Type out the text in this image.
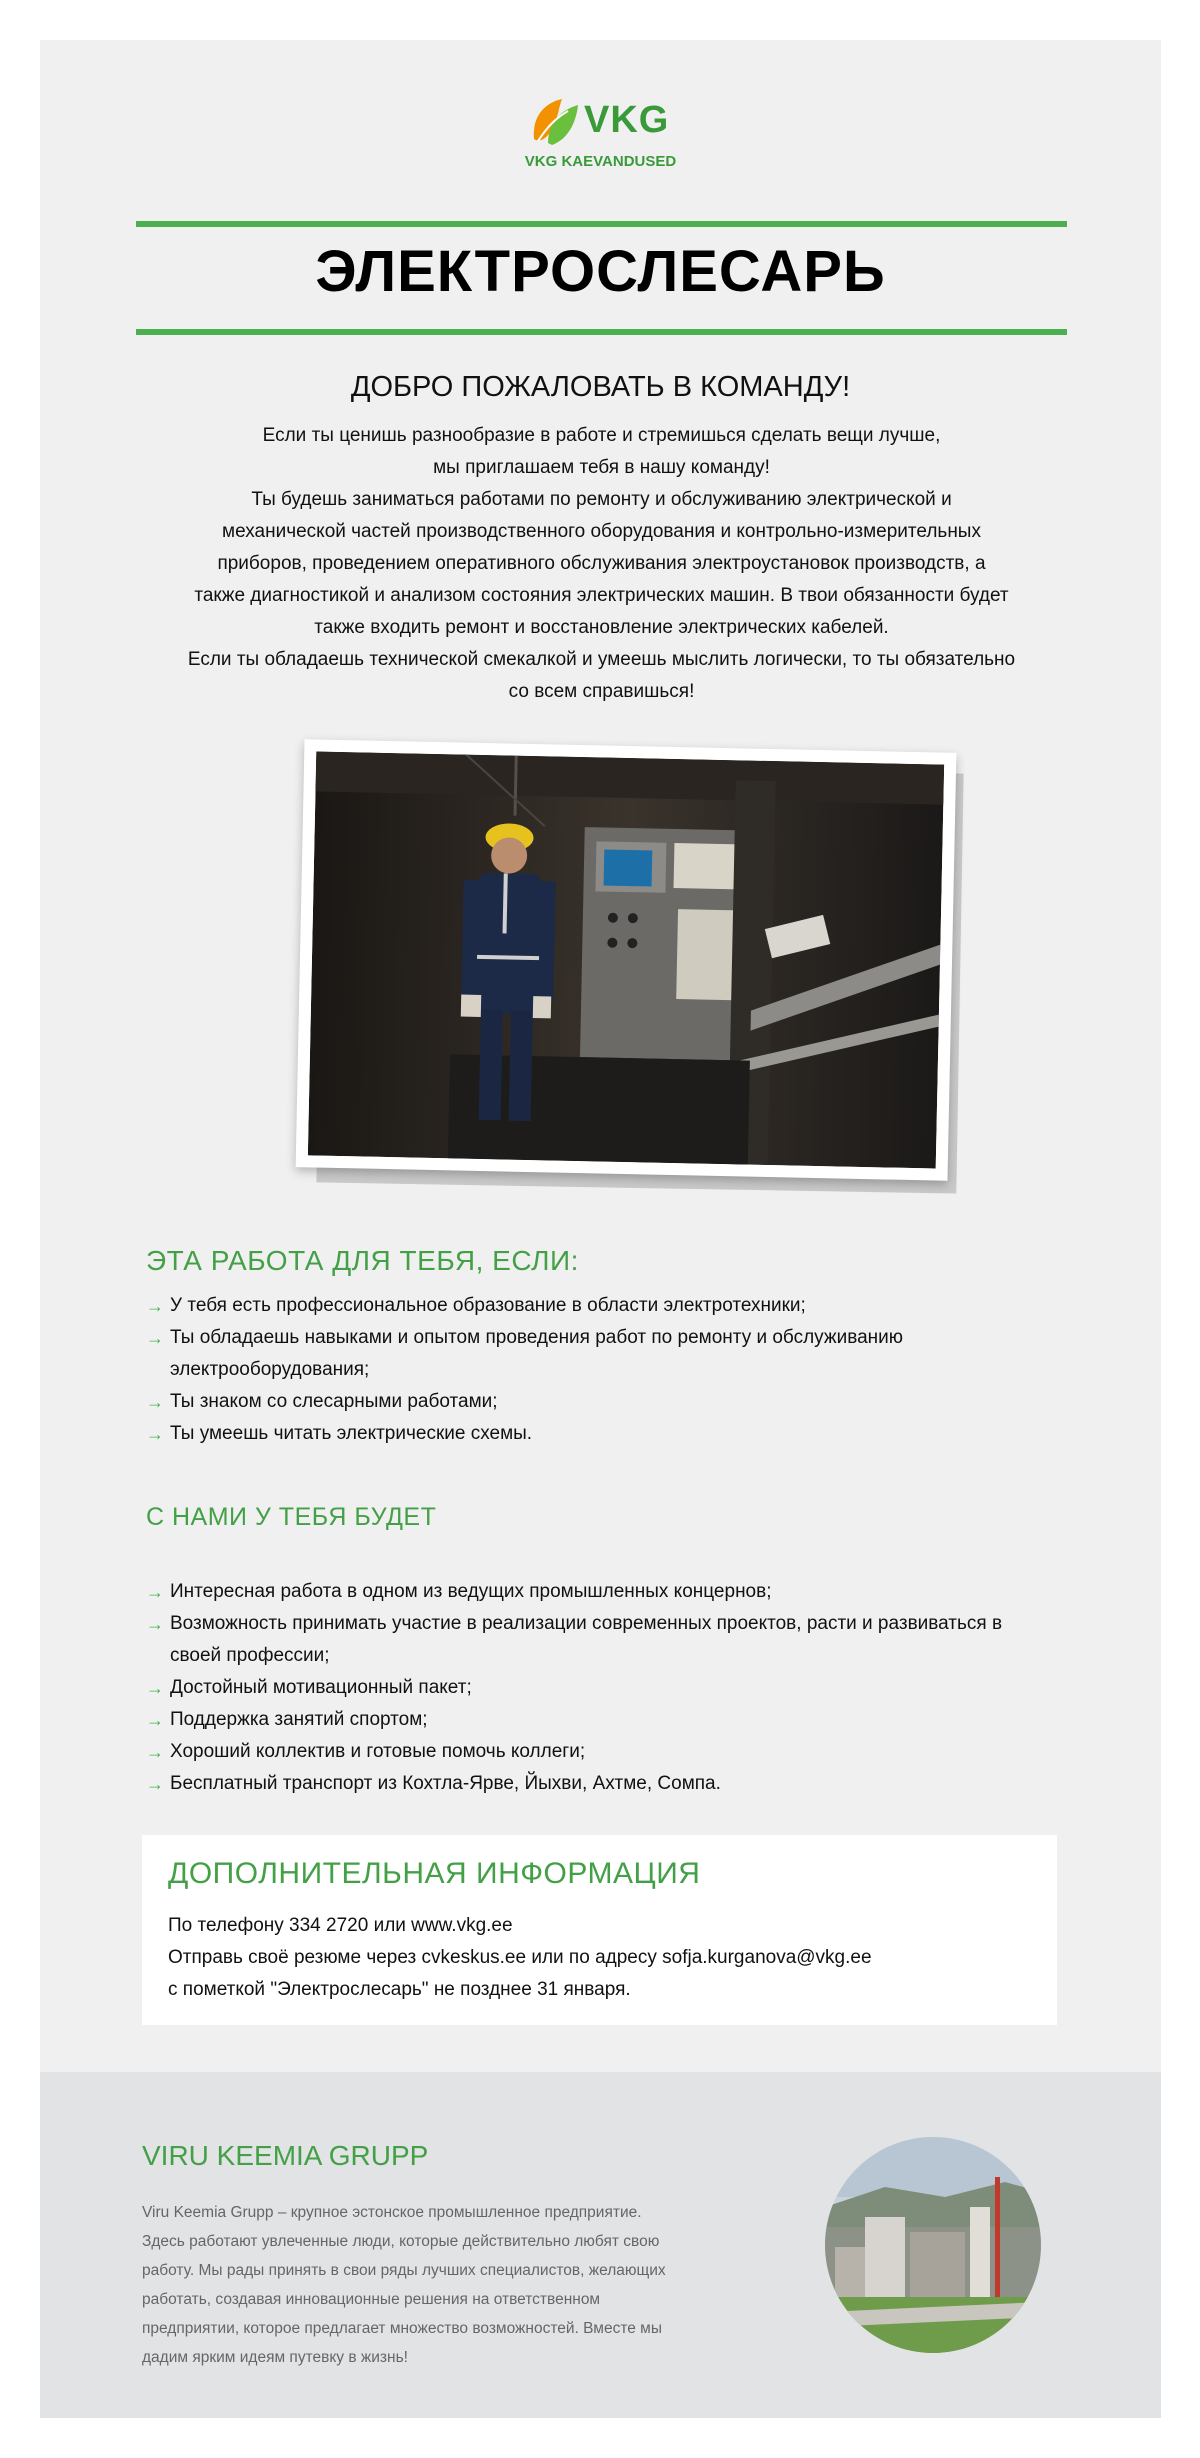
VKG
VKG KAEVANDUSED
ЭЛЕКТРОСЛЕСАРЬ
ДОБРО ПОЖАЛОВАТЬ В КОМАНДУ!

Если ты ценишь разнообразие в работе и стремишься сделать вещи лучше,

мы приглашаем тебя в нашу команду!

Ты будешь заниматься работами по ремонту и обслуживанию электрической и

механической частей производственного оборудования и контрольно-измерительных

приборов, проведением оперативного обслуживания электроустановок производств, а

также диагностикой и анализом состояния электрических машин. В твои обязанности будет

также входить ремонт и восстановление электрических кабелей.

Если ты обладаешь технической смекалкой и умеешь мыслить логически, то ты обязательно

со всем справишься!

ЭТА РАБОТА ДЛЯ ТЕБЯ, ЕСЛИ:
→ У тебя есть профессиональное образование в области электротехники;
→ Ты обладаешь навыками и опытом проведения работ по ремонту и обслуживанию электрооборудования;
→ Ты знаком со слесарными работами;
→ Ты умеешь читать электрические схемы.
С НАМИ У ТЕБЯ БУДЕТ
→ Интересная работа в одном из ведущих промышленных концернов;
→ Возможность принимать участие в реализации современных проектов, расти и развиваться в своей профессии;
→ Достойный мотивационный пакет;
→ Поддержка занятий спортом;
→ Хороший коллектив и готовые помочь коллеги;
→ Бесплатный транспорт из Кохтла-Ярве, Йыхви, Ахтме, Сомпа.
ДОПОЛНИТЕЛЬНАЯ ИНФОРМАЦИЯ
По телефону 334 2720 или www.vkg.ee
Отправь своё резюме через cvkeskus.ee или по адресу sofja.kurganova@vkg.ee
с пометкой "Электрослесарь" не позднее 31 января.
VIRU KEEMIA GRUPP
Viru Keemia Grupp – крупное эстонское промышленное предприятие.
Здесь работают увлеченные люди, которые действительно любят свою
работу. Мы рады принять в свои ряды лучших специалистов, желающих
работать, создавая инновационные решения на ответственном
предприятии, которое предлагает множество возможностей. Вместе мы
дадим ярким идеям путевку в жизнь!
